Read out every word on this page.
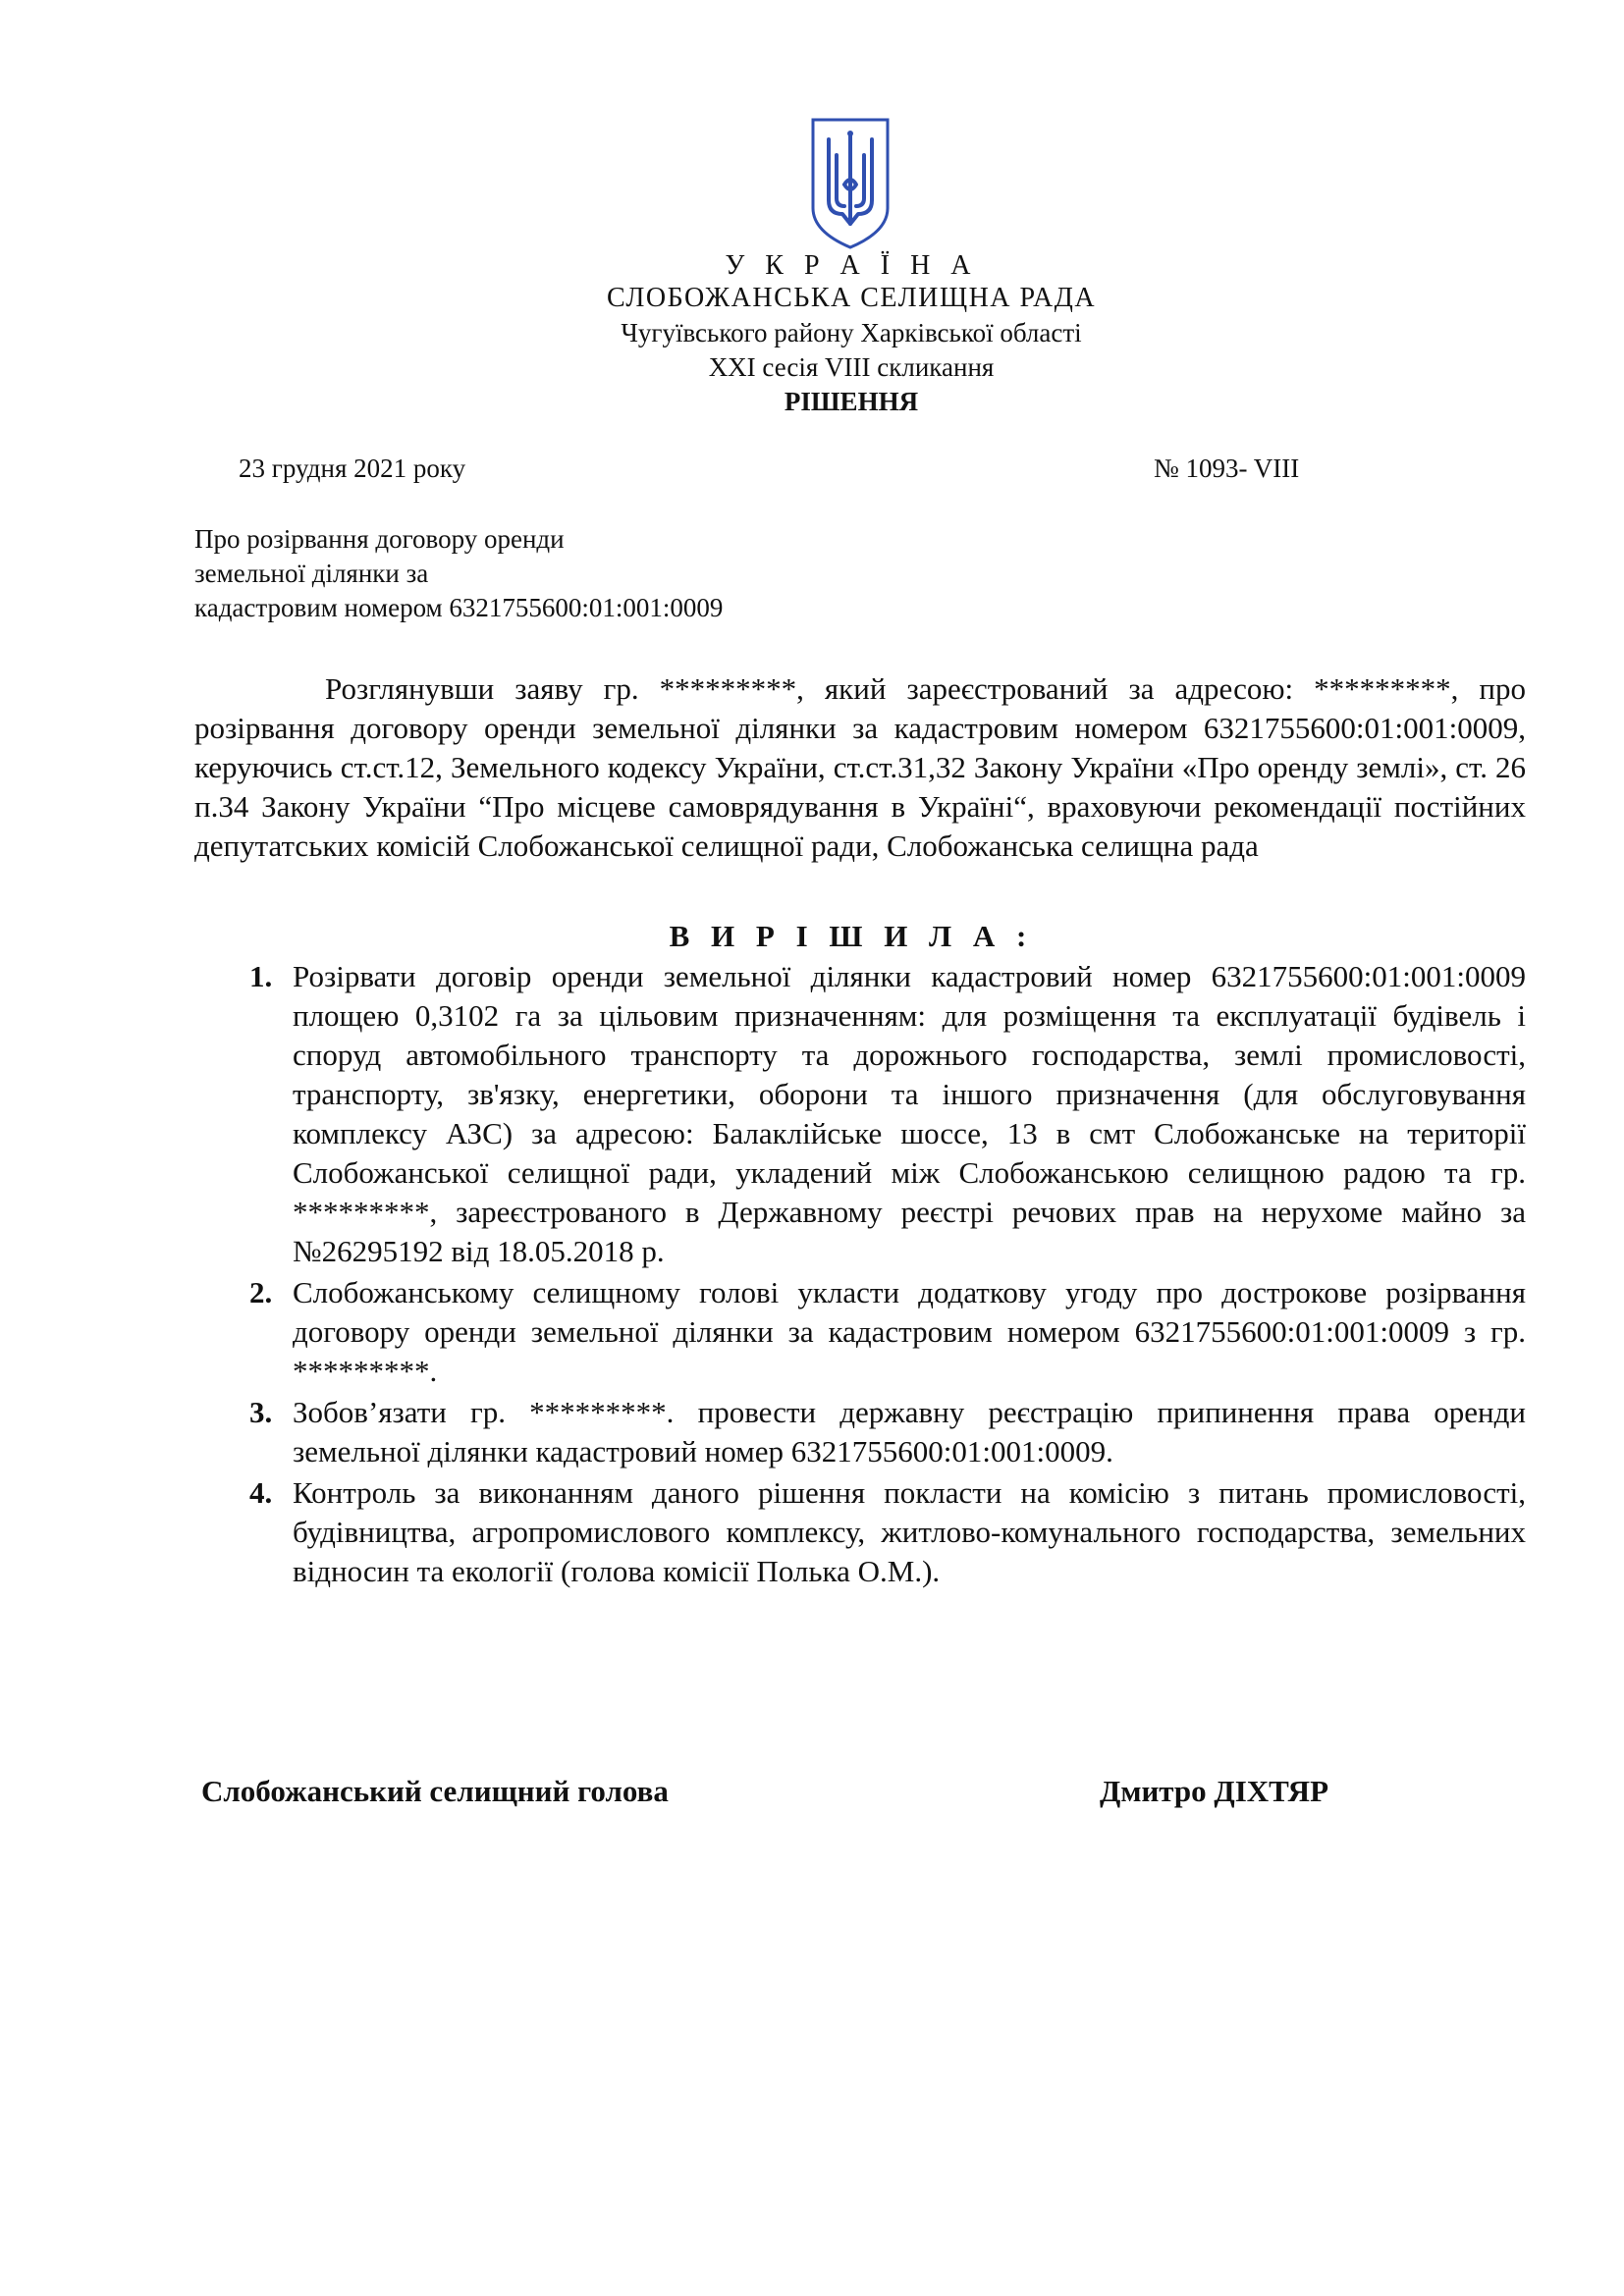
У К Р А Ї Н А
СЛОБОЖАНСЬКА СЕЛИЩНА РАДА
Чугуївського району Харківської області
XXI сесія VIII скликання
РІШЕННЯ
23 грудня 2021 року	№ 1093- VIII
Про розірвання договору оренди
земельної ділянки за
кадастровим номером 6321755600:01:001:0009
Розглянувши заяву гр. *********, який зареєстрований за адресою: *********, про розірвання договору оренди земельної ділянки за кадастровим номером 6321755600:01:001:0009, керуючись ст.ст.12, Земельного кодексу України, ст.ст.31,32 Закону України «Про оренду землі», ст. 26 п.34 Закону України “Про місцеве самоврядування в Україні“, враховуючи рекомендації постійних депутатських комісій Слобожанської селищної ради, Слобожанська селищна рада
В И Р І Ш И Л А :
1. Розірвати договір оренди земельної ділянки кадастровий номер 6321755600:01:001:0009 площею 0,3102 га за цільовим призначенням: для розміщення та експлуатації будівель і споруд автомобільного транспорту та дорожнього господарства, землі промисловості, транспорту, зв'язку, енергетики, оборони та іншого призначення (для обслуговування комплексу АЗС) за адресою: Балаклійське шоссе, 13 в смт Слобожанське на території Слобожанської селищної ради, укладений між Слобожанською селищною радою та гр. *********, зареєстрованого в Державному реєстрі речових прав на нерухоме майно за №26295192 від 18.05.2018 р.
2. Слобожанському селищному голові укласти додаткову угоду про дострокове розірвання договору оренди земельної ділянки за кадастровим номером 6321755600:01:001:0009 з гр. *********.
3. Зобов’язати гр. *********. провести державну реєстрацію припинення права оренди земельної ділянки кадастровий номер 6321755600:01:001:0009.
4. Контроль за виконанням даного рішення покласти на комісію з питань промисловості, будівництва, агропромислового комплексу, житлово-комунального господарства, земельних відносин та екології (голова комісії Полька О.М.).
Слобожанський селищний голова	Дмитро ДІХТЯР
